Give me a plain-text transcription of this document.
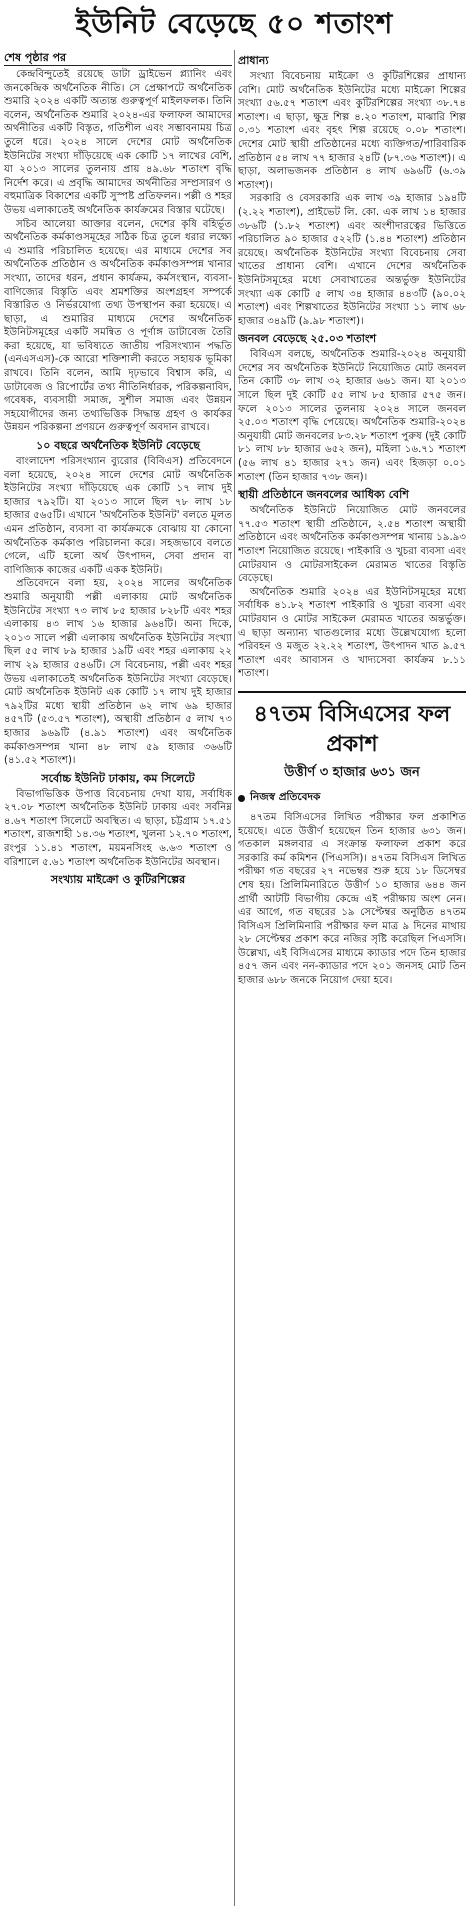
ইউনিট বেড়েছে ৫০ শতাংশ
শেষ পৃষ্ঠার পর

কেন্দ্রবিন্দুতেই রয়েছে ডাটা ড্রাইভেন প্ল্যানিং এবং জনকেন্দ্রিক অর্থনৈতিক নীতি। সে প্রেক্ষাপটে অর্থনৈতিক শুমারি ২০২৪ একটি অত্যন্ত গুরুত্বপূর্ণ মাইলফলক। তিনি বলেন, অর্থনৈতিক শুমারি ২০২৪-এর ফলাফল আমাদের অর্থনীতির একটি বিস্তৃত, গতিশীল এবং সম্ভাবনাময় চিত্র তুলে ধরে। ২০২৪ সালে দেশের মোট অর্থনৈতিক ইউনিটের সংখ্যা দাঁড়িয়েছে এক কোটি ১৭ লাখের বেশি, যা ২০১৩ সালের তুলনায় প্রায় ৪৯.৬৮ শতাংশ বৃদ্ধি নির্দেশ করে। এ প্রবৃদ্ধি আমাদের অর্থনীতির সম্প্রসারণ ও বহুমাত্রিক বিকাশের একটি সুস্পষ্ট প্রতিফলন। পল্লী ও শহর উভয় এলাকাতেই অর্থনৈতিক কার্যক্রমের বিস্তার ঘটেছে।

সচিব আলেয়া আক্তার বলেন, দেশের কৃষি বহির্ভূত অর্থনৈতিক কর্মকাণ্ডসমূহের সঠিক চিত্র তুলে ধরার লক্ষ্যে এ শুমারি পরিচালিত হয়েছে। এর মাধ্যমে দেশের সব অর্থনৈতিক প্রতিষ্ঠান ও অর্থনৈতিক কর্মকাণ্ডসম্পন্ন খানার সংখ্যা, তাদের ধরন, প্রধান কার্যক্রম, কর্মসংস্থান, ব্যবসা-বাণিজ্যের বিস্তৃতি এবং শ্রমশক্তির অংশগ্রহণ সম্পর্কে বিস্তারিত ও নির্ভরযোগ্য তথ্য উপস্থাপন করা হয়েছে। এ ছাড়া, এ শুমারির মাধ্যমে দেশের অর্থনৈতিক ইউনিটসমূহের একটি সমন্বিত ও পূর্ণাঙ্গ ডাটাবেজ তৈরি করা হয়েছে, যা ভবিষ্যতে জাতীয় পরিসংখ্যান পদ্ধতি (এনএসএস)-কে আরো শক্তিশালী করতে সহায়ক ভূমিকা রাখবে। তিনি বলেন, আমি দৃঢ়ভাবে বিশ্বাস করি, এ ডাটাবেজ ও রিপোর্টের তথ্য নীতিনির্ধারক, পরিকল্পনাবিদ, গবেষক, ব্যবসায়ী সমাজ, সুশীল সমাজ এবং উন্নয়ন সহযোগীদের জন্য তথ্যভিত্তিক সিদ্ধান্ত গ্রহণ ও কার্যকর উন্নয়ন পরিকল্পনা প্রণয়নে গুরুত্বপূর্ণ অবদান রাখবে।

১০ বছরে অর্থনৈতিক ইউনিট বেড়েছে

বাংলাদেশ পরিসংখ্যান ব্যুরোর (বিবিএস) প্রতিবেদনে বলা হয়েছে, ২০২৪ সালে দেশের মোট অর্থনৈতিক ইউনিটের সংখ্যা দাঁড়িয়েছে এক কোটি ১৭ লাখ দুই হাজার ৭৯২টি। যা ২০১৩ সালে ছিল ৭৮ লাখ ১৮ হাজার ৫৬৫টি। এখানে 'অর্থনৈতিক ইউনিট' বলতে মূলত এমন প্রতিষ্ঠান, ব্যবসা বা কার্যক্রমকে বোঝায় যা কোনো অর্থনৈতিক কর্মকাণ্ড পরিচালনা করে। সহজভাবে বলতে গেলে, এটি হলো অর্থ উৎপাদন, সেবা প্রদান বা বাণিজ্যিক কাজের একটি একক ইউনিট।

প্রতিবেদনে বলা হয়, ২০২৪ সালের অর্থনৈতিক শুমারি অনুযায়ী পল্লী এলাকায় মোট অর্থনৈতিক ইউনিটের সংখ্যা ৭৩ লাখ ৮৫ হাজার ৮২৮টি এবং শহর এলাকায় ৪৩ লাখ ১৬ হাজার ৯৬৪টি। অন্য দিকে, ২০১৩ সালে পল্লী এলাকায় অর্থনৈতিক ইউনিটের সংখ্যা ছিল ৫৫ লাখ ৮৯ হাজার ১৯টি এবং শহর এলাকায় ২২ লাখ ২৯ হাজার ৫৪৬টি। সে বিবেচনায়, পল্লী এবং শহর উভয় এলাকাতেই অর্থনৈতিক ইউনিটের সংখ্যা বেড়েছে। মোট অর্থনৈতিক ইউনিট এক কোটি ১৭ লাখ দুই হাজার ৭৯২টির মধ্যে স্থায়ী প্রতিষ্ঠান ৬২ লাখ ৬৯ হাজার ৪৫৭টি (৫৩.৫৭ শতাংশ), অস্থায়ী প্রতিষ্ঠান ৫ লাখ ৭৩ হাজার ৯৬৯টি (৪.৯১ শতাংশ) এবং অর্থনৈতিক কর্মকাণ্ডসম্পন্ন খানা ৪৮ লাখ ৫৯ হাজার ৩৬৬টি (৪১.৫২ শতাংশ)।

সর্বোচ্চ ইউনিট ঢাকায়, কম সিলেটে

বিভাগভিত্তিক উপাত্ত বিবেচনায় দেখা যায়, সর্বাধিক ২৭.০৮ শতাংশ অর্থনৈতিক ইউনিট ঢাকায় এবং সর্বনিম্ন ৪.৬৭ শতাংশ সিলেটে অবস্থিত। এ ছাড়া, চট্টগ্রাম ১৭.৫১ শতাংশ, রাজশাহী ১৪.৩৬ শতাংশ, খুলনা ১২.৭০ শতাংশ, রংপুর ১১.৪১ শতাংশ, ময়মনসিংহ ৬.৬৩ শতাংশ ও বরিশালে ৫.৬১ শতাংশ অর্থনৈতিক ইউনিটের অবস্থান।

সংখ্যায় মাইক্রো ও কুটিরশিল্পের
প্রাধান্য

সংখ্যা বিবেচনায় মাইক্রো ও কুটিরশিল্পের প্রাধান্য বেশি। মোট অর্থনৈতিক ইউনিটের মধ্যে মাইক্রো শিল্পের সংখ্যা ৫৬.৫৭ শতাংশ এবং কুটিরশিল্পের সংখ্যা ৩৮.৭৪ শতাংশ। এ ছাড়া, ক্ষুদ্র শিল্প ৪.২০ শতাংশ, মাঝারি শিল্প ০.৩১ শতাংশ এবং বৃহৎ শিল্প রয়েছে ০.০৮ শতাংশ। দেশের মোট স্থায়ী প্রতিষ্ঠানের মধ্যে ব্যক্তিগত/পারিবারিক প্রতিষ্ঠান ৫৪ লাখ ৭৭ হাজার ২৪টি (৮৭.৩৬ শতাংশ)। এ ছাড়া, অলাভজনক প্রতিষ্ঠান ৪ লাখ ৬৯৬টি (৬.৩৯ শতাংশ)।

সরকারি ও বেসরকারি এক লাখ ৩৯ হাজার ১৯৪টি (২.২২ শতাংশ), প্রাইভেট লি. কো. এক লাখ ১৪ হাজার ৩৮৬টি (১.৮২ শতাংশ) এবং অংশীদারত্বের ভিত্তিতে পরিচালিত ৯০ হাজার ৫২২টি (১.৪৪ শতাংশ) প্রতিষ্ঠান রয়েছে। অর্থনৈতিক ইউনিটের সংখ্যা বিবেচনায় সেবা খাতের প্রাধান্য বেশি। এখানে দেশের অর্থনৈতিক ইউনিটসমূহের মধ্যে সেবাখাতের অন্তর্ভুক্ত ইউনিটের সংখ্যা এক কোটি ৫ লাখ ৩৪ হাজার ৪৪৩টি (৯০.০২ শতাংশ) এবং শিল্পখাতের ইউনিটের সংখ্যা ১১ লাখ ৬৮ হাজার ৩৪৯টি (৯.৯৮ শতাংশ)।

জনবল বেড়েছে ২৫.০৩ শতাংশ

বিবিএস বলছে, অর্থনৈতিক শুমারি-২০২৪ অনুযায়ী দেশের সব অর্থনৈতিক ইউনিটে নিয়োজিত মোট জনবল তিন কোটি ৩৮ লাখ ৩২ হাজার ৬৬১ জন। যা ২০১৩ সালে ছিল দুই কোটি ৫৫ লাখ ৮৫ হাজার ৫৭৫ জন। ফলে ২০১৩ সালের তুলনায় ২০২৪ সালে জনবল ২৫.০৩ শতাংশ বৃদ্ধি পেয়েছে। অর্থনৈতিক শুমারি-২০২৪ অনুযায়ী মোট জনবলের ৮৩.২৮ শতাংশ পুরুষ (দুই কোটি ৮১ লাখ ৮৮ হাজার ৬৫২ জন), মহিলা ১৬.৭১ শতাংশ (৫৬ লাখ ৪১ হাজার ২৭১ জন) এবং হিজড়া ০.০১ শতাংশ (তিন হাজার ৭৩৮ জন)।

স্থায়ী প্রতিষ্ঠানে জনবলের আধিক্য বেশি

অর্থনৈতিক ইউনিটে নিয়োজিত মোট জনবলের ৭৭.৫৩ শতাংশ স্থায়ী প্রতিষ্ঠানে, ২.৫৪ শতাংশ অস্থায়ী প্রতিষ্ঠানে এবং অর্থনৈতিক কর্মকাণ্ডসম্পন্ন খানায় ১৯.৯৩ শতাংশ নিয়োজিত রয়েছে। পাইকারি ও খুচরা ব্যবসা এবং মোটরযান ও মোটরসাইকেল মেরামত খাতের বিস্তৃতি বেড়েছে।

অর্থনৈতিক শুমারি ২০২৪ এর ইউনিটসমূহের মধ্যে সর্বাধিক ৪১.৮২ শতাংশ পাইকারি ও খুচরা ব্যবসা এবং মোটরযান ও মোটর সাইকেল মেরামত খাতের অন্তর্ভুক্ত। এ ছাড়া অন্যান্য খাতগুলোর মধ্যে উল্লেখযোগ্য হলো পরিবহন ও মজুত ২২.২২ শতাংশ, উৎপাদন খাত ৯.৫৭ শতাংশ এবং আবাসন ও খাদ্যসেবা কার্যক্রম ৮.১১ শতাংশ।

৪৭তম বিসিএসের ফল প্রকাশ
উত্তীর্ণ ৩ হাজার ৬৩১ জন
নিজস্ব প্রতিবেদক

৪৭তম বিসিএসের লিখিত পরীক্ষার ফল প্রকাশিত হয়েছে। এতে উত্তীর্ণ হয়েছেন তিন হাজার ৬৩১ জন। গতকাল মঙ্গলবার এ সংক্রান্ত ফলাফল প্রকাশ করে সরকারি কর্ম কমিশন (পিএসসি)। ৪৭তম বিসিএস লিখিত পরীক্ষা গত বছরের ২৭ নভেম্বর শুরু হয়ে ১৮ ডিসেম্বর শেষ হয়। প্রিলিমিনারিতে উত্তীর্ণ ১০ হাজার ৬৪৪ জন প্রার্থী আটটি বিভাগীয় কেন্দ্রে এই পরীক্ষায় অংশ নেন। এর আগে, গত বছরের ১৯ সেপ্টেম্বর অনুষ্ঠিত ৪৭তম বিসিএস প্রিলিমিনারি পরীক্ষার ফল মাত্র ৯ দিনের মাথায় ২৮ সেপ্টেম্বর প্রকাশ করে নজির সৃষ্টি করেছিল পিএসসি। উল্লেখ্য, এই বিসিএসের মাধ্যমে ক্যাডার পদে তিন হাজার ৪৫৭ জন এবং নন-ক্যাডার পদে ২০১ জনসহ মোট তিন হাজার ৬৮৮ জনকে নিয়োগ দেয়া হবে।
